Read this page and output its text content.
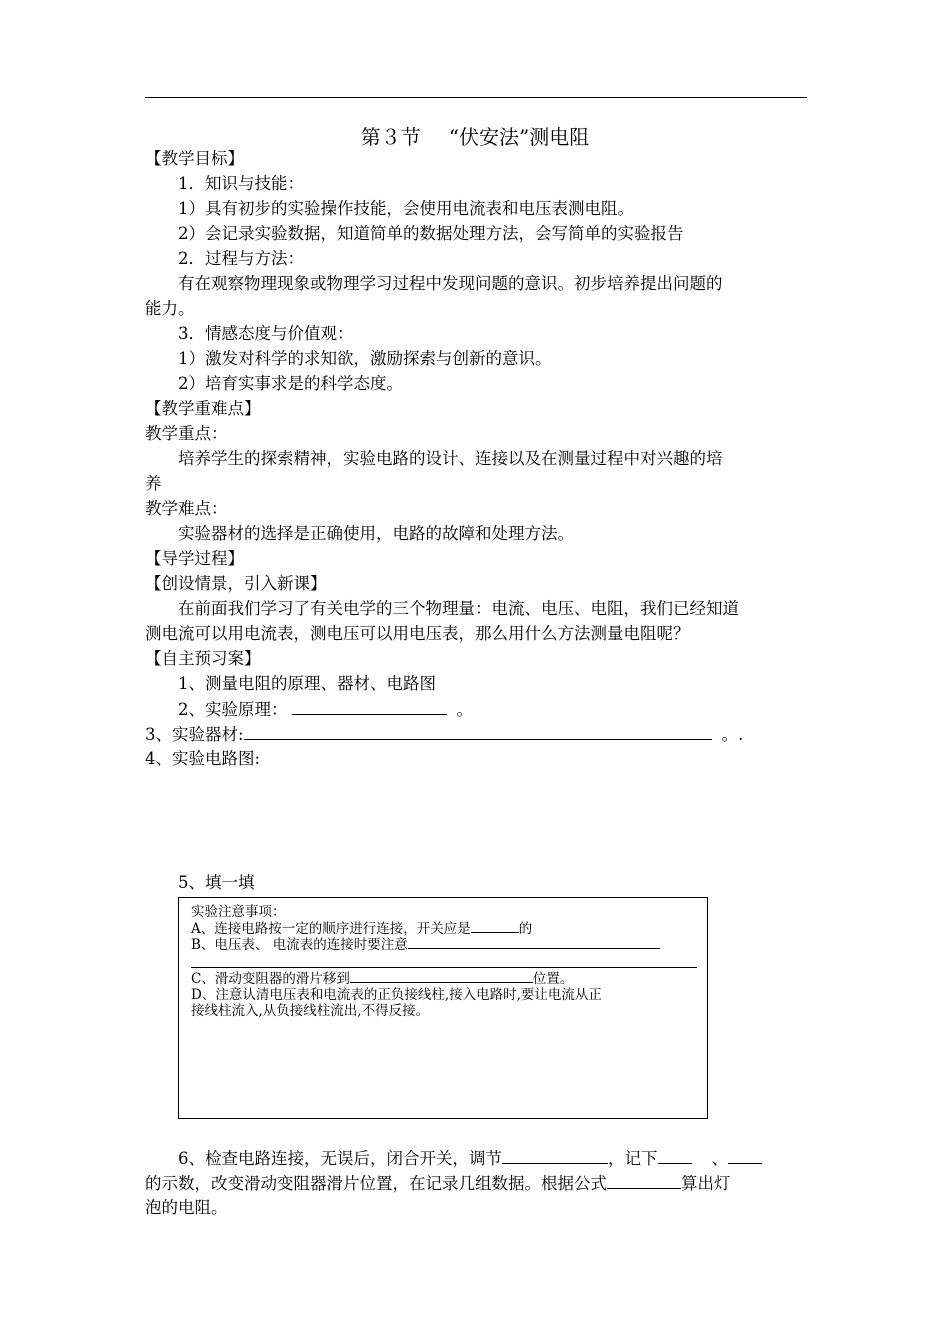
第３节 “伏安法”测电阻
【教学目标】
1．知识与技能：
1）具有初步的实验操作技能，会使用电流表和电压表测电阻。
2）会记录实验数据，知道简单的数据处理方法，会写简单的实验报告
2．过程与方法：
有在观察物理现象或物理学习过程中发现问题的意识。初步培养提出问题的
能力。
3．情感态度与价值观：
1）激发对科学的求知欲，激励探索与创新的意识。
2）培育实事求是的科学态度。
【教学重难点】
教学重点：
培养学生的探索精神，实验电路的设计、连接以及在测量过程中对兴趣的培
养
教学难点：
实验器材的选择是正确使用，电路的故障和处理方法。
【导学过程】
【创设情景，引入新课】
在前面我们学习了有关电学的三个物理量：电流、电压、电阻，我们已经知道
测电流可以用电流表，测电压可以用电压表，那么用什么方法测量电阻呢？
【自主预习案】
1、测量电阻的原理、器材、电路图
2、实验原理：	。
3、实验器材:	。.
4、实验电路图:
5、填一填
实验注意事项：
A、连接电路按一定的顺序进行连接，开关应是	的
B、电压表、 电流表的连接时要注意
C、滑动变阻器的滑片移到	位置。
D、注意认清电压表和电流表的正负接线柱,接入电路时,要让电流从正
接线柱流入,从负接线柱流出,不得反接。
6、检查电路连接，无误后，闭合开关，调节	，记下	、
的示数，改变滑动变阻器滑片位置，在记录几组数据。根据公式	算出灯
泡的电阻。
